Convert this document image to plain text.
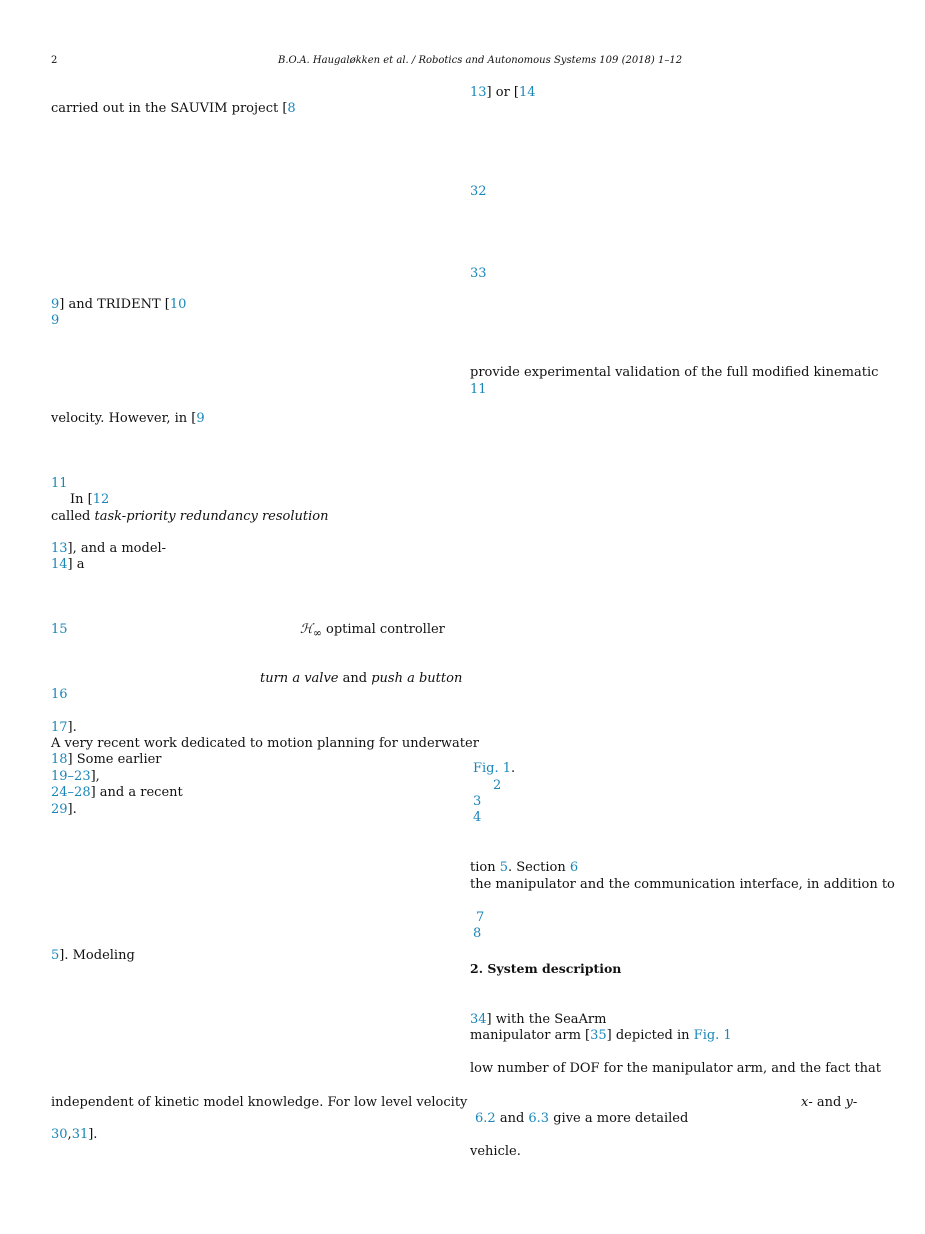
2	B.O.A. Haugaløkken et al. / Robotics and Autonomous Systems 109 (2018) 1–12
carried out in the SAUVIM project [8
9] and TRIDENT [10
9
velocity. However, in [9
11
In [12
called task-priority redundancy resolution
13], and a model-
14] a
15	ℋ$_\infty$ optimal controller
turn a valve and push a button
16
17].
A very recent work dedicated to motion planning for underwater
18] Some earlier
19–23],
24–28] and a recent
29].
5]. Modeling
independent of kinetic model knowledge. For low level velocity
30,31].
13] or [14
32
33
provide experimental validation of the full modified kinematic
11
Fig. 1.
2
3
4
tion 5. Section 6
the manipulator and the communication interface, in addition to
7
8
2. System description
34] with the SeaArm
manipulator arm [35] depicted in Fig. 1
low number of DOF for the manipulator arm, and the fact that
x- and y-
6.2 and 6.3 give a more detailed
vehicle.
